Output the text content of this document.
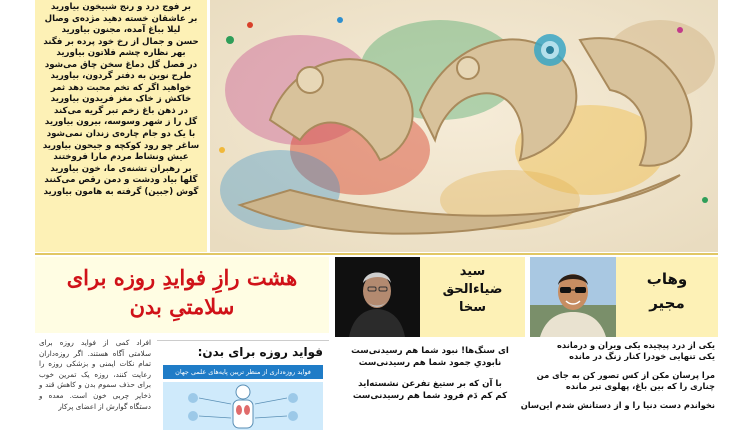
بر فوج درد و رنج شبیخون بیاورید
بر عاشقان خسته دهید مژده‌ی وصال
لیلا بباغ آمده، مجنون بیاورید
حسن و جمال از رخ خود پرده بر فگند
بهر نظاره چشم فلاتون بیاورید
در فصل گل دماغ سخن چاق می‌شود
طرح نوین به دفتر گردون، بیاورید
خواهید اگر که تخم محبت دهد ثمر
خاکش ز خاک مغز فریدون بیاورید
در ذهن باغ زخم تبر گریه می‌کند
گل را ز شهر وسوسه، بیرون بیاورید
با یک دو جام چاره‌ی زندان نمی‌شود
ساغر چو رود کوکچه و جیحون بیاورید
عیش ونشاط مردم مارا فروختند
بر رهبران تشنه‌ی ما، خون بیاورید
گلها بیاد ودشت و دمن رقص می‌کنند
گوش (جبین) گرفته به هامون بیاورید
هشت رازِ فوایدِ روزه برای
سلامتیِ بدن
افراد کمی از فواید روزه برای سلامتی آگاه هستند. اگر روزه‌داران تمام نکات ایمنی و بزشکی روزه را رعایت کنند، روزه یک تمرین خوب برای حذف سموم بدن و کاهش قند و ذخایر چربی خون است. معده و دستگاه گوارش از اعضای پرکار
فواید روزه برای بدن:
فواید روزه‌داری از منظر تریبن پایه‌های علمی جهان
سید
ضیاءالحق
سخا
ای سنگ‌ها! نبود شما هم رسیدنی‌ست
نابودیِ جمود شما هم رسیدنی‌ست
با آن که بر ستیغ تفرعن نشسته‌اید
کم کم دَم فرود شما هم رسیدنی‌ست
وهاب
مجیر
یکی از درد پیچیده یکی ویران و درمانده
یکی تنهایی خودرا کنار زنگ در مانده
مرا پرسان مکن از کس تصور کن به جای من
چناری را که بین باغ، پهلوی تبر مانده
نخواندم دست دنیا را و از دستانش شدم این‌سان
